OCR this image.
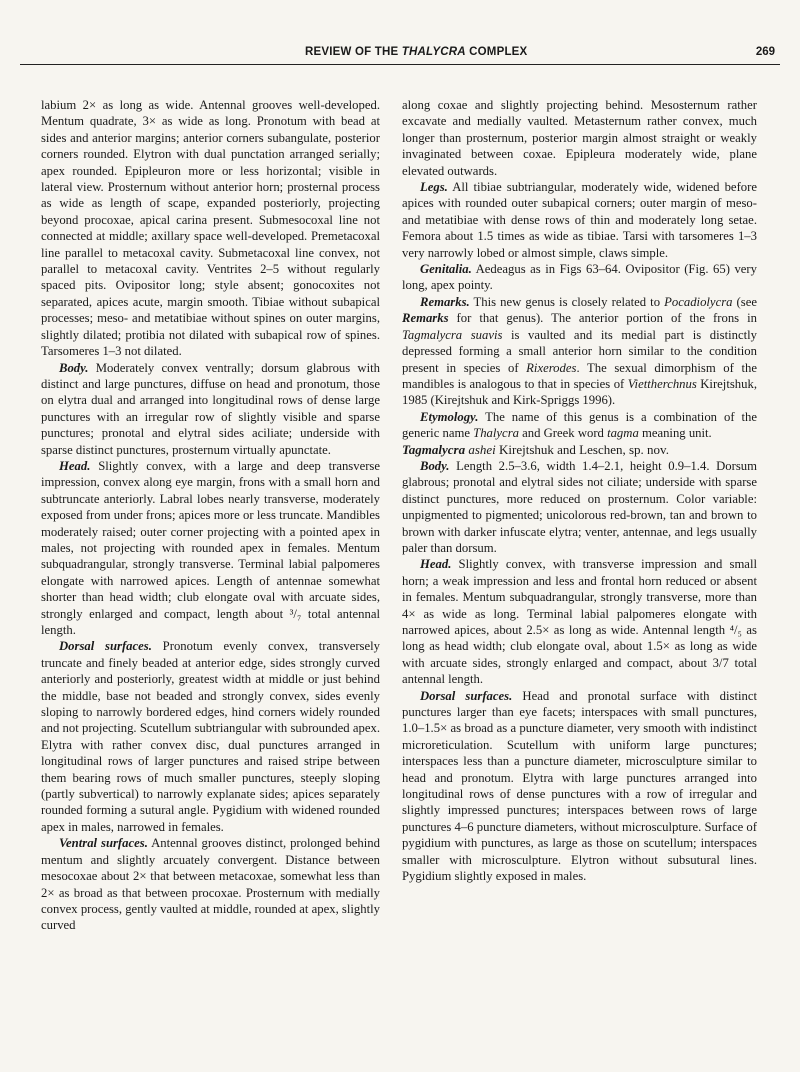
REVIEW OF THE THALYCRA COMPLEX	269

labium 2× as long as wide. Antennal grooves well-developed. Mentum quadrate, 3× as wide as long. Pronotum with bead at sides and anterior margins; anterior corners subangulate, posterior corners rounded. Elytron with dual punctation arranged serially; apex rounded. Epipleuron more or less horizontal; visible in lateral view. Prosternum without anterior horn; prosternal process as wide as length of scape, expanded posteriorly, projecting beyond procoxae, apical carina present. Submesocoxal line not connected at middle; axillary space well-developed. Premetacoxal line parallel to metacoxal cavity. Submetacoxal line convex, not parallel to metacoxal cavity. Ventrites 2–5 without regularly spaced pits. Ovipositor long; style absent; gonocoxites not separated, apices acute, margin smooth. Tibiae without subapical processes; meso- and metatibiae without spines on outer margins, slightly dilated; protibia not dilated with subapical row of spines. Tarsomeres 1–3 not dilated.

Body. Moderately convex ventrally; dorsum glabrous with distinct and large punctures, diffuse on head and pronotum, those on elytra dual and arranged into longitudinal rows of dense large punctures with an irregular row of slightly visible and sparse punctures; pronotal and elytral sides aciliate; underside with sparse distinct punctures, prosternum virtually apunctate.

Head. Slightly convex, with a large and deep transverse impression, convex along eye margin, frons with a small horn and subtruncate anteriorly. Labral lobes nearly transverse, moderately exposed from under frons; apices more or less truncate. Mandibles moderately raised; outer corner projecting with a pointed apex in males, not projecting with rounded apex in females. Mentum subquadrangular, strongly transverse. Terminal labial palpomeres elongate with narrowed apices. Length of antennae somewhat shorter than head width; club elongate oval with arcuate sides, strongly enlarged and compact, length about ³/₇ total antennal length.

Dorsal surfaces. Pronotum evenly convex, transversely truncate and finely beaded at anterior edge, sides strongly curved anteriorly and posteriorly, greatest width at middle or just behind the middle, base not beaded and strongly convex, sides evenly sloping to narrowly bordered edges, hind corners widely rounded and not projecting. Scutellum subtriangular with subrounded apex. Elytra with rather convex disc, dual punctures arranged in longitudinal rows of larger punctures and raised stripe between them bearing rows of much smaller punctures, steeply sloping (partly subvertical) to narrowly explanate sides; apices separately rounded forming a sutural angle. Pygidium with widened rounded apex in males, narrowed in females.

Ventral surfaces. Antennal grooves distinct, prolonged behind mentum and slightly arcuately convergent. Distance between mesocoxae about 2× that between metacoxae, somewhat less than 2× as broad as that between procoxae. Prosternum with medially convex process, gently vaulted at middle, rounded at apex, slightly curved

along coxae and slightly projecting behind. Mesosternum rather excavate and medially vaulted. Metasternum rather convex, much longer than prosternum, posterior margin almost straight or weakly invaginated between coxae. Epipleura moderately wide, plane elevated outwards.

Legs. All tibiae subtriangular, moderately wide, widened before apices with rounded outer subapical corners; outer margin of meso- and metatibiae with dense rows of thin and moderately long setae. Femora about 1.5 times as wide as tibiae. Tarsi with tarsomeres 1–3 very narrowly lobed or almost simple, claws simple.

Genitalia. Aedeagus as in Figs 63–64. Ovipositor (Fig. 65) very long, apex pointy.

Remarks. This new genus is closely related to Pocadiolycra (see Remarks for that genus). The anterior portion of the frons in Tagmalycra suavis is vaulted and its medial part is distinctly depressed forming a small anterior horn similar to the condition present in species of Rixerodes. The sexual dimorphism of the mandibles is analogous to that in species of Viettherchnus Kirejtshuk, 1985 (Kirejtshuk and Kirk-Spriggs 1996).

Etymology. The name of this genus is a combination of the generic name Thalycra and Greek word tagma meaning unit.

Tagmalycra ashei Kirejtshuk and Leschen, sp. nov.

Body. Length 2.5–3.6, width 1.4–2.1, height 0.9–1.4. Dorsum glabrous; pronotal and elytral sides not ciliate; underside with sparse distinct punctures, more reduced on prosternum. Color variable: unpigmented to pigmented; unicolorous red-brown, tan and brown to brown with darker infuscate elytra; venter, antennae, and legs usually paler than dorsum.

Head. Slightly convex, with transverse impression and small horn; a weak impression and less and frontal horn reduced or absent in females. Mentum subquadrangular, strongly transverse, more than 4× as wide as long. Terminal labial palpomeres elongate with narrowed apices, about 2.5× as long as wide. Antennal length ⁴/₅ as long as head width; club elongate oval, about 1.5× as long as wide with arcuate sides, strongly enlarged and compact, about 3/7 total antennal length.

Dorsal surfaces. Head and pronotal surface with distinct punctures larger than eye facets; interspaces with small punctures, 1.0–1.5× as broad as a puncture diameter, very smooth with indistinct microreticulation. Scutellum with uniform large punctures; interspaces less than a puncture diameter, microsculpture similar to head and pronotum. Elytra with large punctures arranged into longitudinal rows of dense punctures with a row of irregular and slightly impressed punctures; interspaces between rows of large punctures 4–6 puncture diameters, without microsculpture. Surface of pygidium with punctures, as large as those on scutellum; interspaces smaller with microsculpture. Elytron without subsutural lines. Pygidium slightly exposed in males.
